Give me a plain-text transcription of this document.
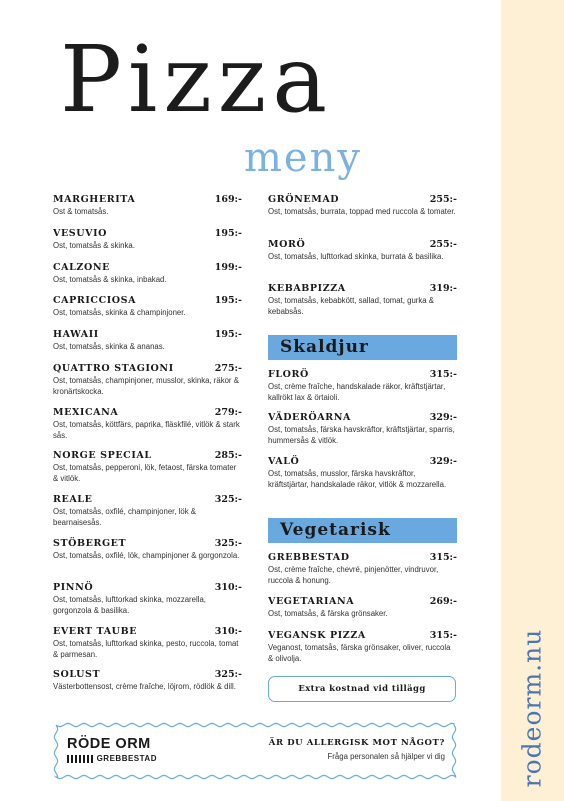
rodeorm.nu
Pizza
meny
MARGHERITA	169:-
Ost & tomatsås.
VESUVIO	195:-
Ost, tomatsås & skinka.
CALZONE	199:-
Ost, tomatsås & skinka, inbakad.
CAPRICCIOSA	195:-
Ost, tomatsås, skinka & champinjoner.
HAWAII	195:-
Ost, tomatsås, skinka & ananas.
QUATTRO STAGIONI	275:-
Ost, tomatsås, champinjoner, musslor, skinka, räkor & kronärtskocka.
MEXICANA	279:-
Ost, tomatsås, köttfärs, paprika, fläskfilé, vitlök & stark sås.
NORGE SPECIAL	285:-
Ost, tomatsås, pepperoni, lök, fetaost, färska tomater & vitlök.
REALE	325:-
Ost, tomatsås, oxfilé, champinjoner, lök & bearnaisesås.
STÖBERGET	325:-
Ost, tomatsås, oxfilé, lök, champinjoner & gorgonzola.
PINNÖ	310:-
Ost, tomatsås, lufttorkad skinka, mozzarella, gorgonzola & basilika.
EVERT TAUBE	310:-
Ost, tomatsås, lufttorkad skinka, pesto, ruccola, tomat & parmesan.
SOLUST	325:-
Västerbottensost, crème fraîche, löjrom, rödlök & dill.
GRÖNEMAD	255:-
Ost, tomatsås, burrata, toppad med ruccola & tomater.
MORÖ	255:-
Ost, tomatsås, lufttorkad skinka, burrata & basilika.
KEBABPIZZA	319:-
Ost, tomatsås, kebabkött, sallad, tomat, gurka & kebabsås.
FLORÖ	315:-
Ost, crème fraîche, handskalade räkor, kräftstjärtar, kallrökt lax & örtaioli.
VÄDERÖARNA	329:-
Ost, tomatsås, färska havskräftor, kräftstjärtar, sparris, hummersås & vitlök.
VALÖ	329:-
Ost, tomatsås, musslor, färska havskräftor, kräftstjärtar, handskalade räkor, vitlök & mozzarella.
GREBBESTAD	315:-
Ost, crème fraîche, chevré, pinjenötter, vindruvor, ruccola & honung.
VEGETARIANA	269:-
Ost, tomatsås, & färska grönsaker.
VEGANSK PIZZA	315:-
Veganost, tomatsås, färska grönsaker, oliver, ruccola & olivolja.
Skaldjur
Vegetarisk
Extra kostnad vid tillägg
RÖDE ORM
GREBBESTAD
ÄR DU ALLERGISK MOT NÅGOT?
Fråga personalen så hjälper vi dig
